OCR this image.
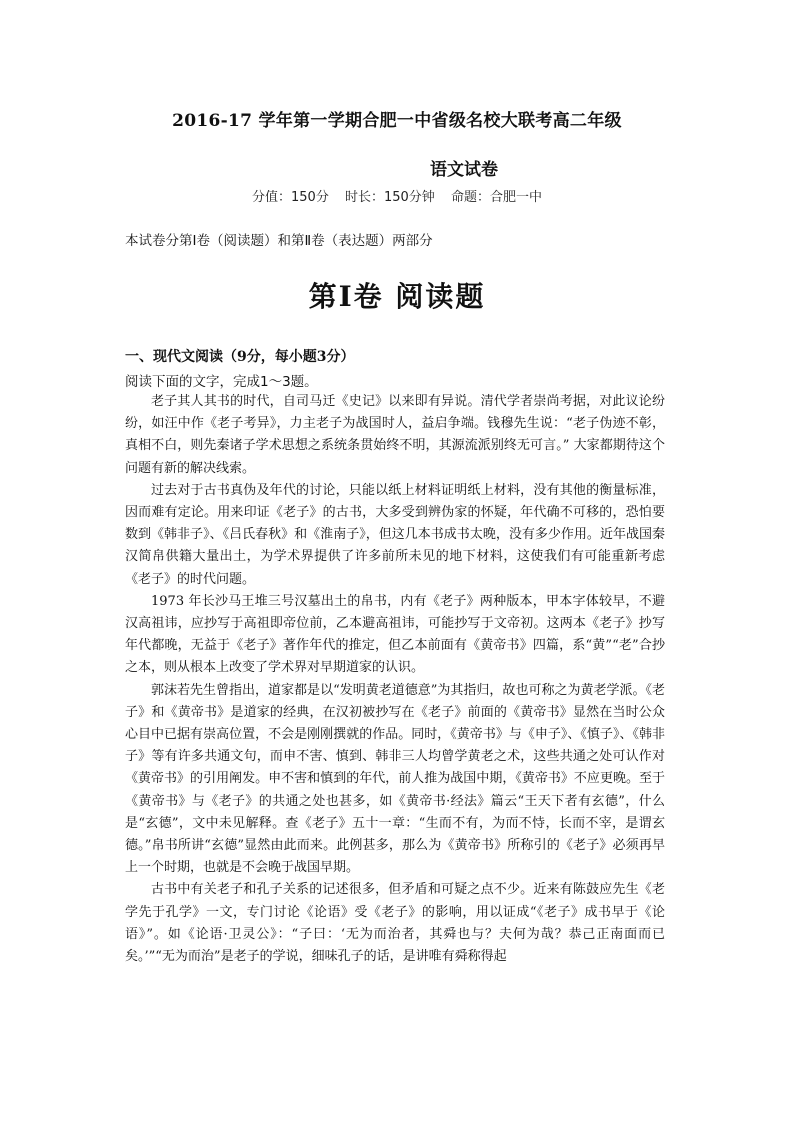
2016-17 学年第一学期合肥一中省级名校大联考高二年级
语文试卷
分值：150分 时长：150分钟 命题：合肥一中
本试卷分第Ⅰ卷（阅读题）和第Ⅱ卷（表达题）两部分
第Ⅰ卷 阅读题
一、现代文阅读（9分，每小题3分）
阅读下面的文字，完成1～3题。

老子其人其书的时代，自司马迁《史记》以来即有异说。清代学者崇尚考据，对此议论纷纷，如汪中作《老子考异》，力主老子为战国时人，益启争端。钱穆先生说：“老子伪迹不彰，真相不白，则先秦诸子学术思想之系统条贯始终不明，其源流派别终无可言。” 大家都期待这个问题有新的解决线索。

过去对于古书真伪及年代的讨论，只能以纸上材料证明纸上材料，没有其他的衡量标准，因而难有定论。用来印证《老子》的古书，大多受到辨伪家的怀疑，年代确不可移的，恐怕要数到《韩非子》、《吕氏春秋》和《淮南子》，但这几本书成书太晚，没有多少作用。近年战国秦汉简帛供籍大量出土，为学术界提供了许多前所未见的地下材料，这使我们有可能重新考虑《老子》的时代问题。

1973 年长沙马王堆三号汉墓出土的帛书，内有《老子》两种版本，甲本字体较早，不避汉高祖讳，应抄写于高祖即帝位前，乙本避高祖讳，可能抄写于文帝初。这两本《老子》抄写年代都晚，无益于《老子》著作年代的推定，但乙本前面有《黄帝书》四篇，系“黄”“老”合抄之本，则从根本上改变了学术界对早期道家的认识。

郭沫若先生曾指出，道家都是以“发明黄老道德意”为其指归，故也可称之为黄老学派。《老子》和《黄帝书》是道家的经典，在汉初被抄写在《老子》前面的《黄帝书》显然在当时公众心目中已据有崇高位置，不会是刚刚撰就的作品。同时，《黄帝书》与《申子》、《慎子》、《韩非子》等有许多共通文句，而申不害、慎到、韩非三人均曾学黄老之术，这些共通之处可认作对《黄帝书》的引用阐发。申不害和慎到的年代，前人推为战国中期，《黄帝书》不应更晚。至于《黄帝书》与《老子》的共通之处也甚多，如《黄帝书·经法》篇云“王天下者有玄德”，什么是“玄德”，文中未见解释。查《老子》五十一章：“生而不有，为而不恃，长而不宰，是谓玄德。”帛书所讲“玄德”显然由此而来。此例甚多，那么为《黄帝书》所称引的《老子》必须再早上一个时期，也就是不会晚于战国早期。

古书中有关老子和孔子关系的记述很多，但矛盾和可疑之点不少。近来有陈鼓应先生《老学先于孔学》一文，专门讨论《论语》受《老子》的影响，用以证成“《老子》成书早于《论语》”。如《论语·卫灵公》：“子曰：‘无为而治者，其舜也与？夫何为哉？恭己正南面而已矣。’”“无为而治”是老子的学说，细味孔子的话，是讲唯有舜称得起
